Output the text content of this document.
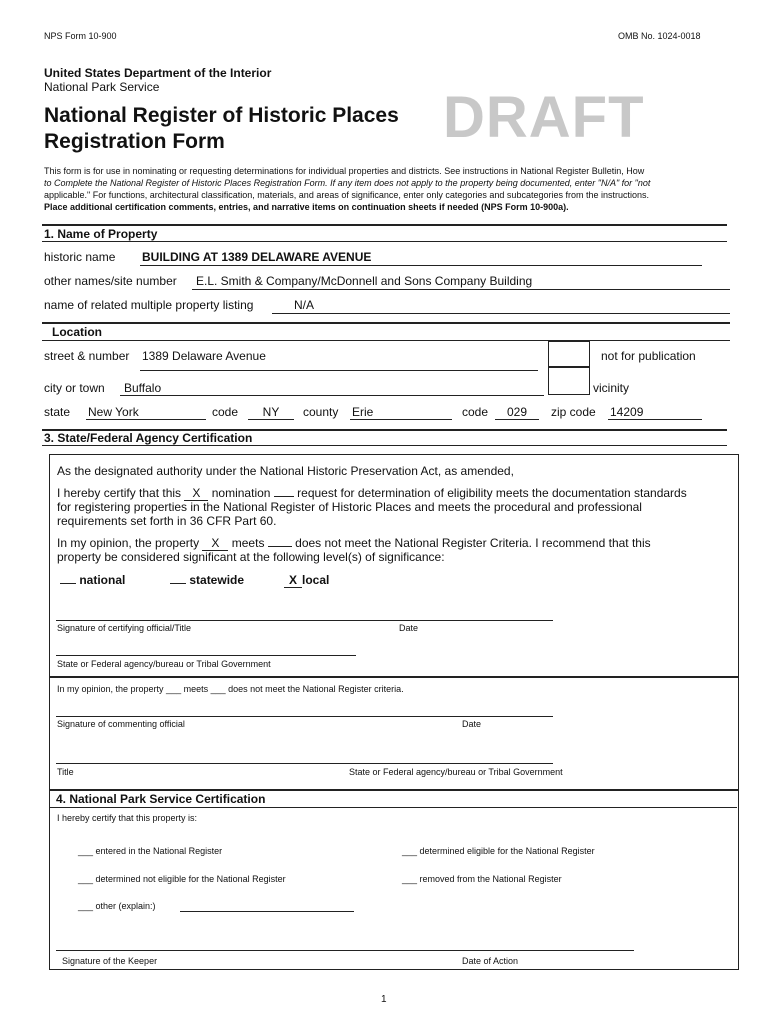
NPS Form 10-900	OMB No. 1024-0018
United States Department of the Interior
National Park Service
National Register of Historic Places
Registration Form	DRAFT
This form is for use in nominating or requesting determinations for individual properties and districts. See instructions in National Register Bulletin, How
to Complete the National Register of Historic Places Registration Form. If any item does not apply to the property being documented, enter "N/A" for "not
applicable." For functions, architectural classification, materials, and areas of significance, enter only categories and subcategories from the instructions.
Place additional certification comments, entries, and narrative items on continuation sheets if needed (NPS Form 10-900a).
1. Name of Property
historic name BUILDING AT 1389 DELAWARE AVENUE
other names/site number E.L. Smith & Company/McDonnell and Sons Company Building
name of related multiple property listing	N/A
Location
street & number 1389 Delaware Avenue	not for publication
city or town Buffalo	vicinity
state New York	code	NY	county Erie	code	029	zip code 14209
3. State/Federal Agency Certification
As the designated authority under the National Historic Preservation Act, as amended,
I hereby certify that this X nomination request for determination of eligibility meets the documentation standards
for registering properties in the National Register of Historic Places and meets the procedural and professional
requirements set forth in 36 CFR Part 60.
In my opinion, the property X meets	does not meet the National Register Criteria. I recommend that this
property be considered significant at the following level(s) of significance:
national	statewide	X local
Signature of certifying official/Title	Date
State or Federal agency/bureau or Tribal Government
In my opinion, the property ___ meets ___ does not meet the National Register criteria.
Signature of commenting official	Date
Title	State or Federal agency/bureau or Tribal Government
4. National Park Service Certification
I hereby certify that this property is:
___ entered in the National Register	___ determined eligible for the National Register
___ determined not eligible for the National Register	___ removed from the National Register
___ other (explain:)
Signature of the Keeper	Date of Action
1
